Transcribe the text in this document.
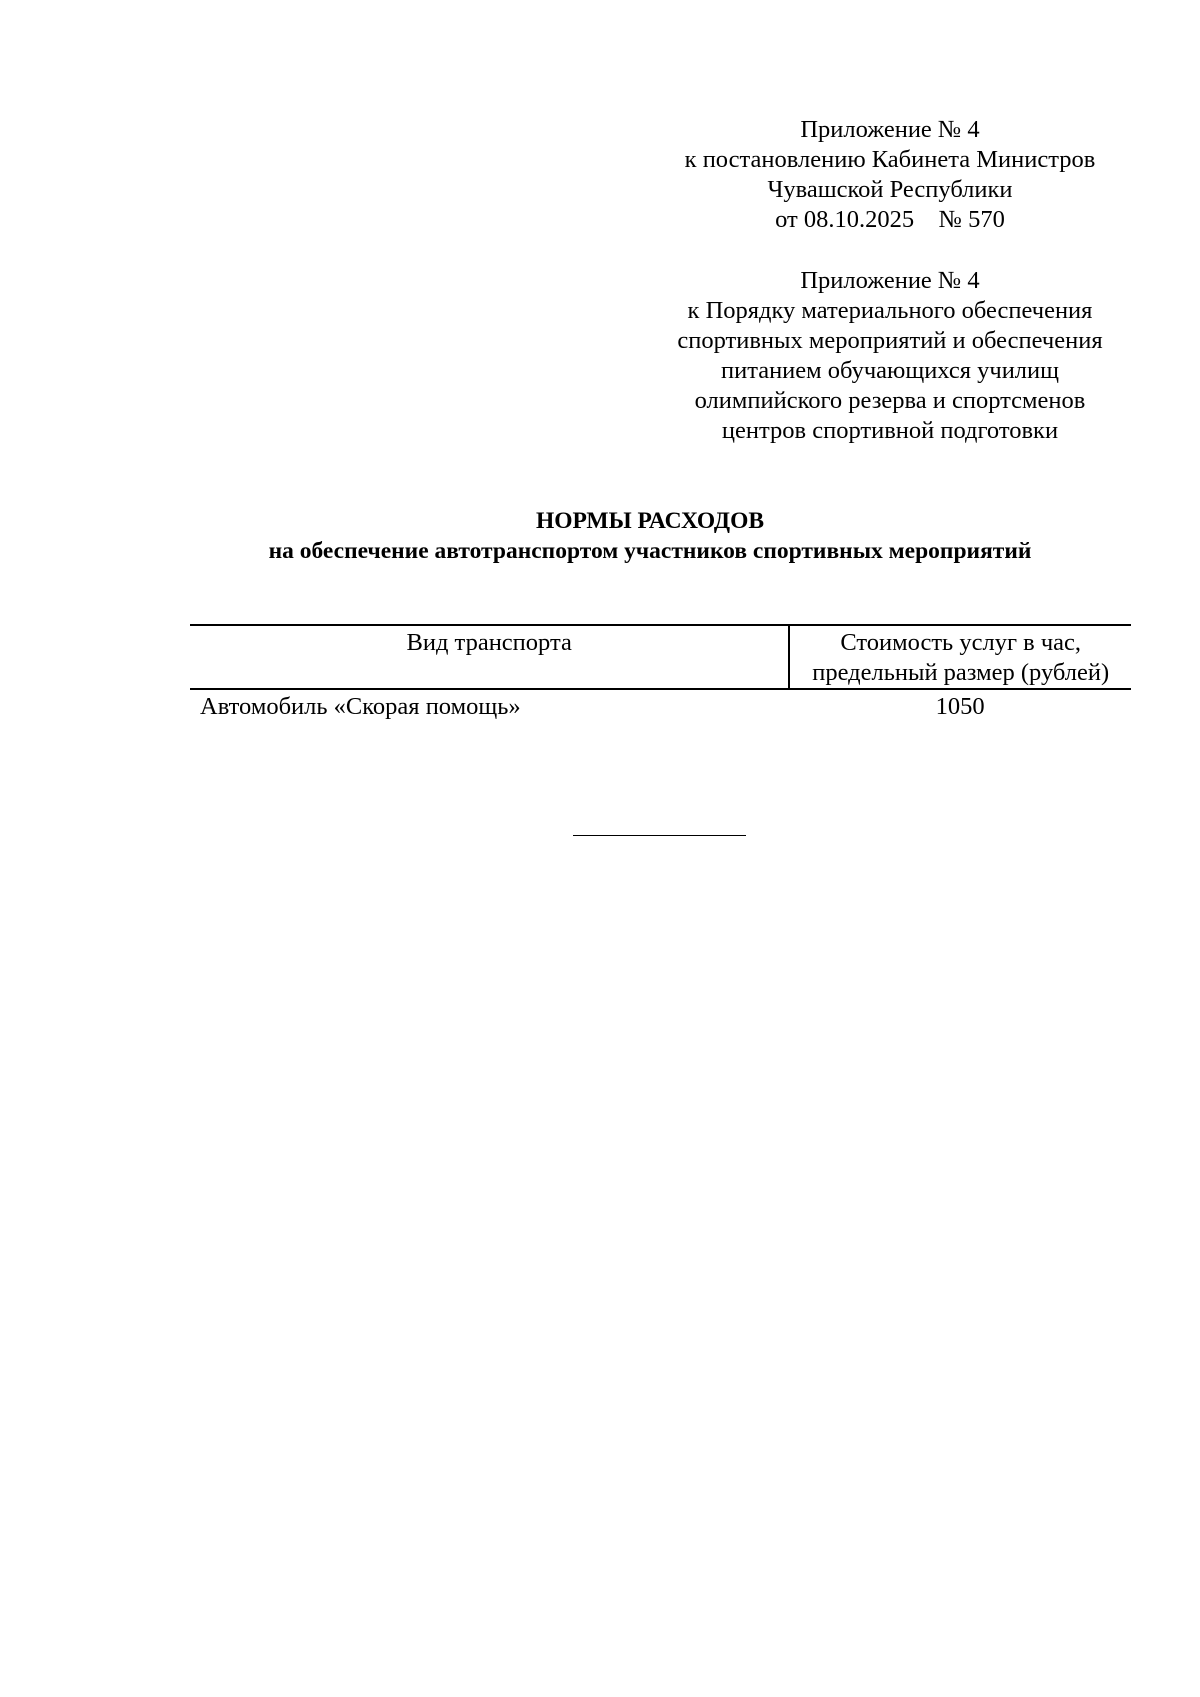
Приложение № 4
к постановлению Кабинета Министров
Чувашской Республики
от 08.10.2025    № 570
Приложение № 4
к Порядку материального обеспечения
спортивных мероприятий и обеспечения
питанием обучающихся училищ
олимпийского резерва и спортсменов
центров спортивной подготовки
НОРМЫ РАСХОДОВ
на обеспечение автотранспортом участников спортивных мероприятий
Вид транспорта	Стоимость услуг в час, предельный размер (рублей)
Автомобиль «Скорая помощь»	1050
